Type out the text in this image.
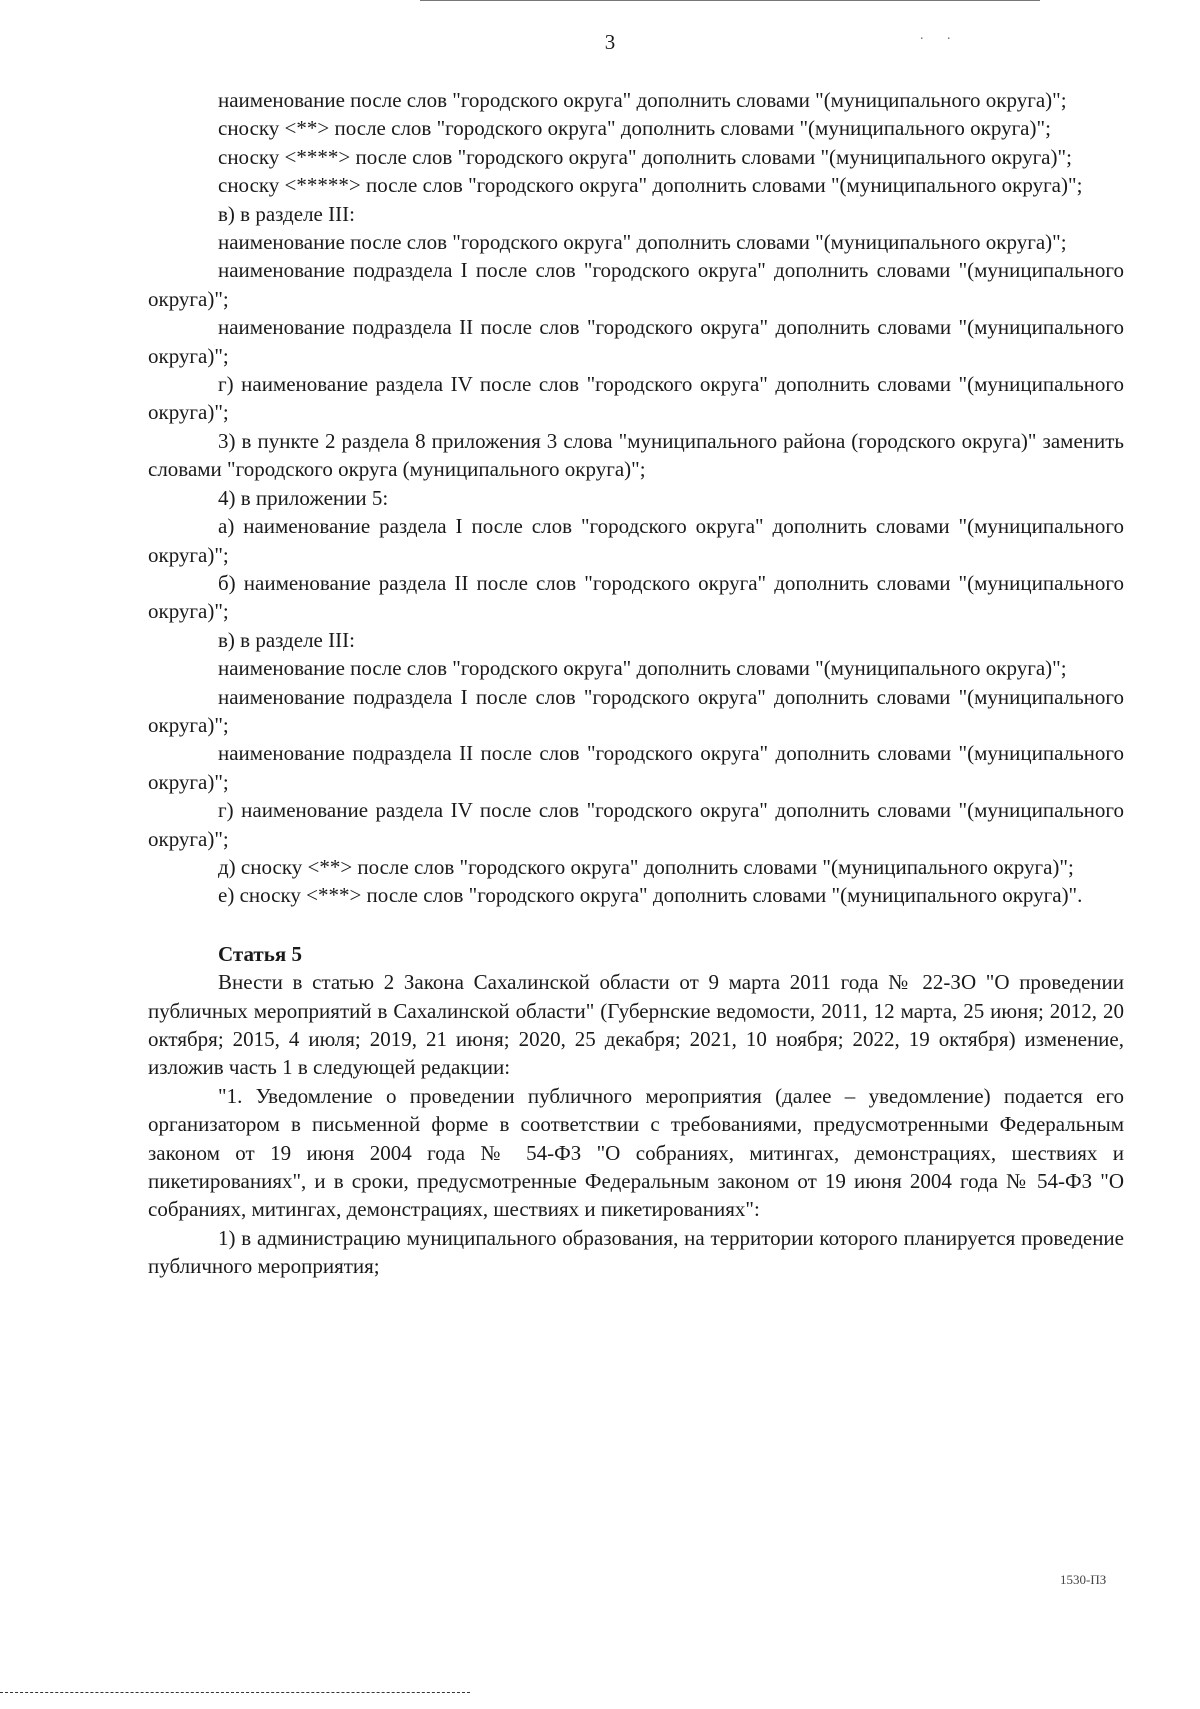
3	. .

наименование после слов "городского округа" дополнить словами "(муниципального округа)";

сноску <**> после слов "городского округа" дополнить словами "(муниципального округа)";

сноску <****> после слов "городского округа" дополнить словами "(муниципального округа)";

сноску <*****> после слов "городского округа" дополнить словами "(муниципального округа)";

в) в разделе III:

наименование после слов "городского округа" дополнить словами "(муниципального округа)";

наименование подраздела I после слов "городского округа" дополнить словами "(муниципального округа)";

наименование подраздела II после слов "городского округа" дополнить словами "(муниципального округа)";

г) наименование раздела IV после слов "городского округа" дополнить словами "(муниципального округа)";

3) в пункте 2 раздела 8 приложения 3 слова "муниципального района (городского округа)" заменить словами "городского округа (муниципального округа)";

4) в приложении 5:

а) наименование раздела I после слов "городского округа" дополнить словами "(муниципального округа)";

б) наименование раздела II после слов "городского округа" дополнить словами "(муниципального округа)";

в) в разделе III:

наименование после слов "городского округа" дополнить словами "(муниципального округа)";

наименование подраздела I после слов "городского округа" дополнить словами "(муниципального округа)";

наименование подраздела II после слов "городского округа" дополнить словами "(муниципального округа)";

г) наименование раздела IV после слов "городского округа" дополнить словами "(муниципального округа)";

д) сноску <**> после слов "городского округа" дополнить словами "(муниципального округа)";

е) сноску <***> после слов "городского округа" дополнить словами "(муниципального округа)".

Статья 5

Внести в статью 2 Закона Сахалинской области от 9 марта 2011 года № 22-ЗО "О проведении публичных мероприятий в Сахалинской области" (Губернские ведомости, 2011, 12 марта, 25 июня; 2012, 20 октября; 2015, 4 июля; 2019, 21 июня; 2020, 25 декабря; 2021, 10 ноября; 2022, 19 октября) изменение, изложив часть 1 в следующей редакции:

"1. Уведомление о проведении публичного мероприятия (далее – уведомление) подается его организатором в письменной форме в соответствии с требованиями, предусмотренными Федеральным законом от 19 июня 2004 года № 54-ФЗ "О собраниях, митингах, демонстрациях, шествиях и пикетированиях", и в сроки, предусмотренные Федеральным законом от 19 июня 2004 года № 54-ФЗ "О собраниях, митингах, демонстрациях, шествиях и пикетированиях":

1) в администрацию муниципального образования, на территории которого планируется проведение публичного мероприятия;

1530-ПЗ
